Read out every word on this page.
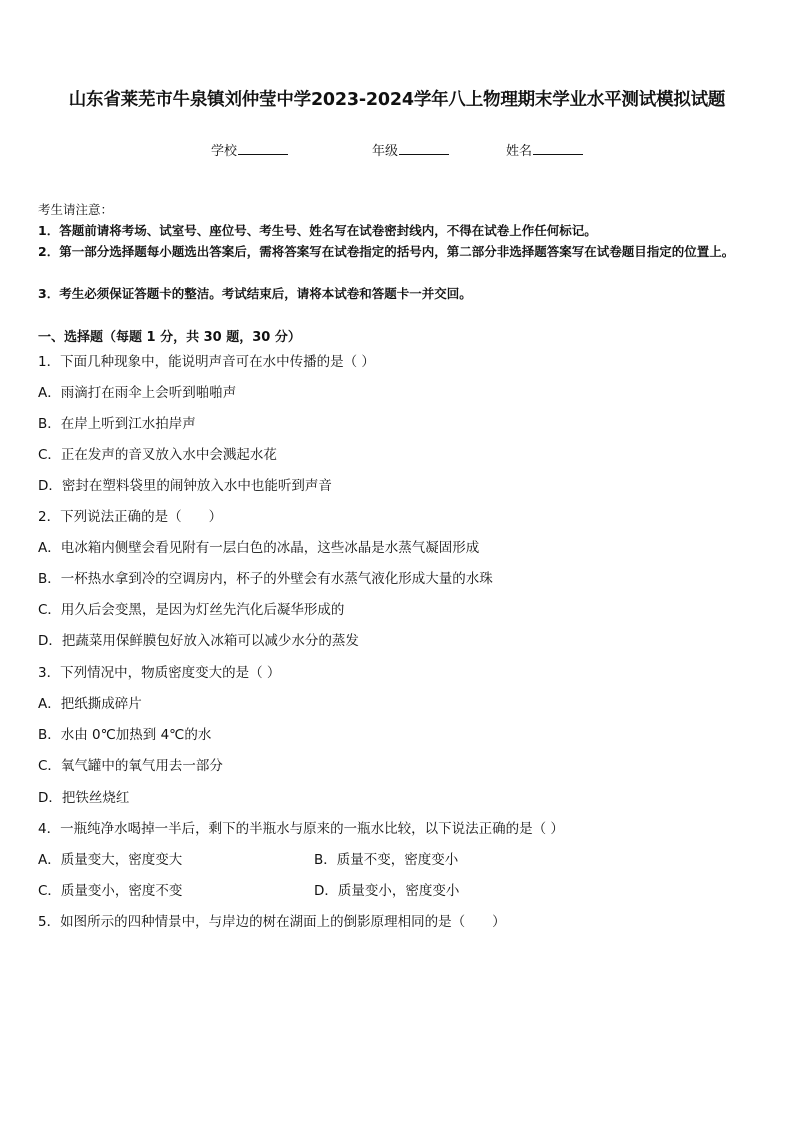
山东省莱芜市牛泉镇刘仲莹中学2023-2024学年八上物理期末学业水平测试模拟试题
学校	年级	姓名
考生请注意：
1．答题前请将考场、试室号、座位号、考生号、姓名写在试卷密封线内，不得在试卷上作任何标记。
2．第一部分选择题每小题选出答案后，需将答案写在试卷指定的括号内，第二部分非选择题答案写在试卷题目指定的位置上。
3．考生必须保证答题卡的整洁。考试结束后，请将本试卷和答题卡一并交回。
一、选择题（每题 1 分，共 30 题，30 分）
1．下面几种现象中，能说明声音可在水中传播的是（ ）
A．雨滴打在雨伞上会听到啪啪声
B．在岸上听到江水拍岸声
C．正在发声的音叉放入水中会溅起水花
D．密封在塑料袋里的闹钟放入水中也能听到声音
2．下列说法正确的是（　　）
A．电冰箱内侧壁会看见附有一层白色的冰晶，这些冰晶是水蒸气凝固形成
B．一杯热水拿到冷的空调房内，杯子的外壁会有水蒸气液化形成大量的水珠
C．用久后会变黑，是因为灯丝先汽化后凝华形成的
D．把蔬菜用保鲜膜包好放入冰箱可以减少水分的蒸发
3．下列情况中，物质密度变大的是（ ）
A．把纸撕成碎片
B．水由 0℃加热到 4℃的水
C．氧气罐中的氧气用去一部分
D．把铁丝烧红
4．一瓶纯净水喝掉一半后，剩下的半瓶水与原来的一瓶水比较，以下说法正确的是（ ）
A．质量变大，密度变大	B．质量不变，密度变小
C．质量变小，密度不变	D．质量变小，密度变小
5．如图所示的四种情景中，与岸边的树在湖面上的倒影原理相同的是（　　）
